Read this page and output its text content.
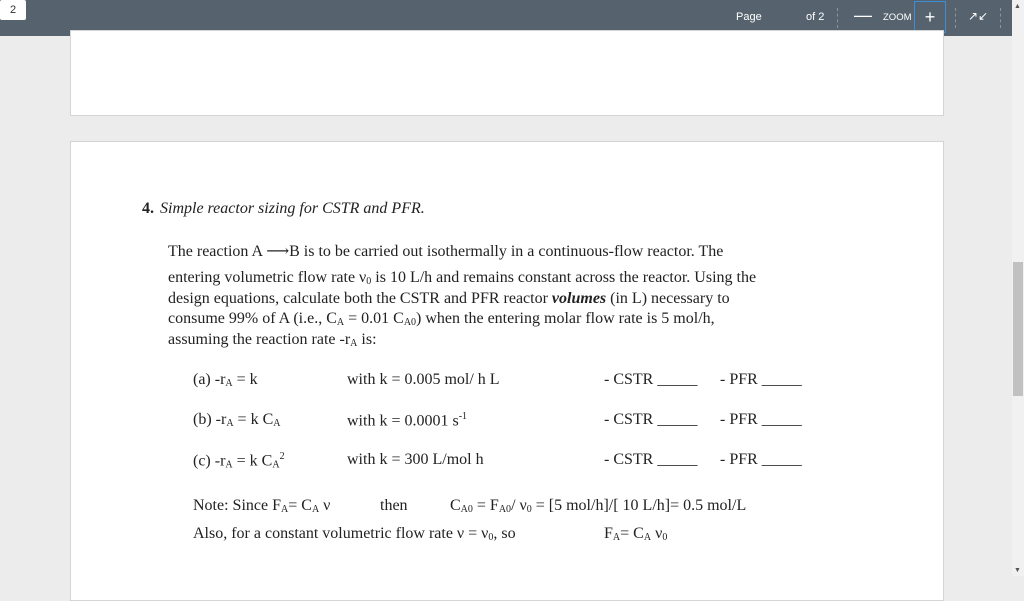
Page
2	of 2 — ZOOM +	↗↙
4. Simple reactor sizing for CSTR and PFR.
The reaction A ⟶B is to be carried out isothermally in a continuous-flow reactor. The
entering volumetric flow rate $\nu_0$ is 10 L/h and remains constant across the reactor. Using the
design equations, calculate both the CSTR and PFR reactor volumes (in L) necessary to
consume 99% of A (i.e., $C_A = 0.01$ $C_{A0}$) when the entering molar flow rate is 5 mol/h,
assuming the reaction rate $-r_A$ is:
(a) $-r_A = k$	with k = 0.005 mol/ h L	- CSTR _____ - PFR _____
(b) $-r_A = k$ $C_A$	with k = 0.0001 $s^{-1}$	- CSTR _____ - PFR _____
(c) $-r_A = k$ $C_A^2$	with k = 300 L/mol h	- CSTR _____ - PFR _____
Note: Since $F_A= C_A$ ν	then	$C_{A0} = F_{A0}/$ $\nu_0 = [5$ mol/h]/[ 10 L/h]= 0.5 mol/L
Also, for a constant volumetric flow rate $\nu = \nu_0$, so	$F_A= C_A$ $\nu_0$
▲
▼
